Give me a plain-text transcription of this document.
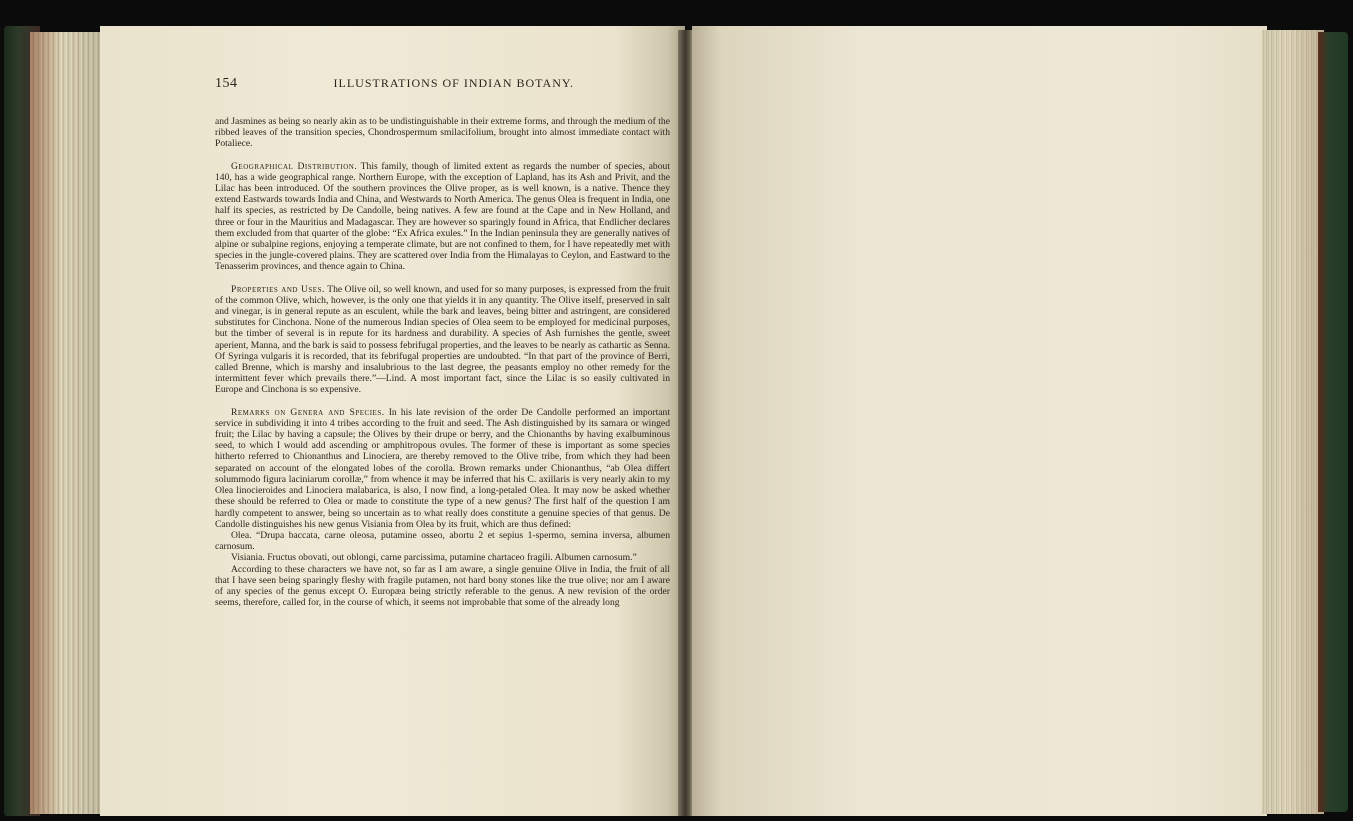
154	ILLUSTRATIONS OF INDIAN BOTANY.

and Jasmines as being so nearly akin as to be undistinguishable in their extreme forms, and through the medium of the ribbed leaves of the transition species, Chondrospermum smilacifolium, brought into almost immediate contact with Potaliece.

Geographical Distribution. This family, though of limited extent as regards the number of species, about 140, has a wide geographical range. Northern Europe, with the exception of Lapland, has its Ash and Privit, and the Lilac has been introduced. Of the southern provinces the Olive proper, as is well known, is a native. Thence they extend Eastwards towards India and China, and Westwards to North America. The genus Olea is frequent in India, one half its species, as restricted by De Candolle, being natives. A few are found at the Cape and in New Holland, and three or four in the Mauritius and Madagascar. They are however so sparingly found in Africa, that Endlicher declares them excluded from that quarter of the globe: “Ex Africa exules.” In the Indian peninsula they are generally natives of alpine or subalpine regions, enjoying a temperate climate, but are not confined to them, for I have repeatedly met with species in the jungle-covered plains. They are scattered over India from the Himalayas to Ceylon, and Eastward to the Tenasserim provinces, and thence again to China.

Properties and Uses. The Olive oil, so well known, and used for so many purposes, is expressed from the fruit of the common Olive, which, however, is the only one that yields it in any quantity. The Olive itself, preserved in salt and vinegar, is in general repute as an esculent, while the bark and leaves, being bitter and astringent, are considered substitutes for Cinchona. None of the numerous Indian species of Olea seem to be employed for medicinal purposes, but the timber of several is in repute for its hardness and durability. A species of Ash furnishes the gentle, sweet aperient, Manna, and the bark is said to possess febrifugal properties, and the leaves to be nearly as cathartic as Senna. Of Syringa vulgaris it is recorded, that its febrifugal properties are undoubted. “In that part of the province of Berri, called Brenne, which is marshy and insalubrious to the last degree, the peasants employ no other remedy for the intermittent fever which prevails there.”—Lind. A most important fact, since the Lilac is so easily cultivated in Europe and Cinchona is so expensive.

Remarks on Genera and Species. In his late revision of the order De Candolle performed an important service in subdividing it into 4 tribes according to the fruit and seed. The Ash distinguished by its samara or winged fruit; the Lilac by having a capsule; the Olives by their drupe or berry, and the Chionanths by having exalbuminous seed, to which I would add ascending or amphitropous ovules. The former of these is important as some species hitherto referred to Chionanthus and Linociera, are thereby removed to the Olive tribe, from which they had been separated on account of the elongated lobes of the corolla. Brown remarks under Chionanthus, “ab Olea differt solummodo figura laciniarum corollæ,” from whence it may be inferred that his C. axillaris is very nearly akin to my Olea linocieroides and Linociera malabarica, is also, I now find, a long-petaled Olea. It may now be asked whether these should be referred to Olea or made to constitute the type of a new genus? The first half of the question I am hardly competent to answer, being so uncertain as to what really does constitute a genuine species of that genus. De Candolle distinguishes his new genus Visiania from Olea by its fruit, which are thus defined:

Olea. “Drupa baccata, carne oleosa, putamine osseo, abortu 2 et sepius 1-spermo, semina inversa, albumen carnosum.

Visiania. Fructus obovati, out oblongi, carne parcissima, putamine chartaceo fragili. Albumen carnosum.”

According to these characters we have not, so far as I am aware, a single genuine Olive in India, the fruit of all that I have seen being sparingly fleshy with fragile putamen, not hard bony stones like the true olive; nor am I aware of any species of the genus except O. Europæa being strictly referable to the genus. A new revision of the order seems, therefore, called for, in the course of which, it seems not improbable that some of the already long
